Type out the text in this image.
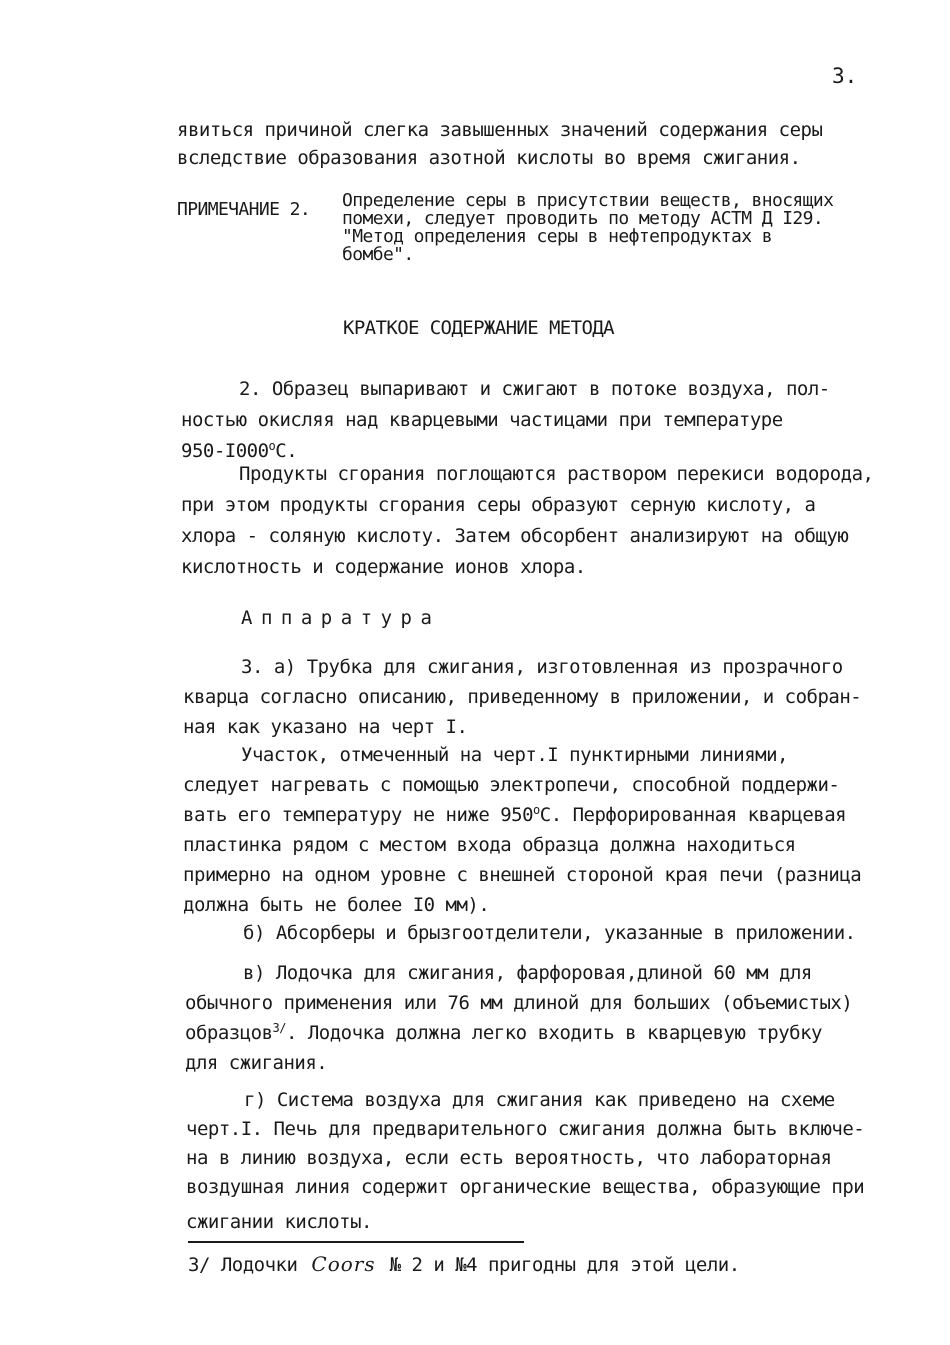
3.
явиться причиной слегка завышенных значений содержания серы
вследствие образования азотной кислоты во время сжигания.
ПРИМЕЧАНИЕ 2. Определение серы в присутствии веществ, вносящих
помехи, следует проводить по методу АСТМ Д I29.
"Метод определения серы в нефтепродуктах в
бомбе".
КРАТКОЕ СОДЕРЖАНИЕ МЕТОДА
2. Образец выпаривают и сжигают в потоке воздуха, пол-
ностью окисляя над кварцевыми частицами при температуре
$950-I000^оС$.
Продукты сгорания поглощаются раствором перекиси водорода,
при этом продукты сгорания серы образуют серную кислоту, а
хлора - соляную кислоту. Затем обсорбент анализируют на общую
кислотность и содержание ионов хлора.
Аппаратура
3. а) Трубка для сжигания, изготовленная из прозрачного
кварца согласно описанию, приведенному в приложении, и собран-
ная как указано на черт I.
Участок, отмеченный на черт.I пунктирными линиями,
следует нагревать с помощью электропечи, способной поддержи-
вать его температуру не ниже $950^оС$. Перфорированная кварцевая
пластинка рядом с местом входа образца должна находиться
примерно на одном уровне с внешней стороной края печи (разница
должна быть не более I0 мм).
б) Абсорберы и брызгоотделители, указанные в приложении.
в) Лодочка для сжигания, фарфоровая,длиной 60 мм для
обычного применения или 76 мм длиной для больших (объемистых)
образцов$^{3/}$. Лодочка должна легко входить в кварцевую трубку
для сжигания.
г) Система воздуха для сжигания как приведено на схеме
черт.I. Печь для предварительного сжигания должна быть включе-
на в линию воздуха, если есть вероятность, что лабораторная
воздушная линия содержит органические вещества, образующие при
сжигании кислоты.
3/ Лодочки Coors № 2 и №4 пригодны для этой цели.
